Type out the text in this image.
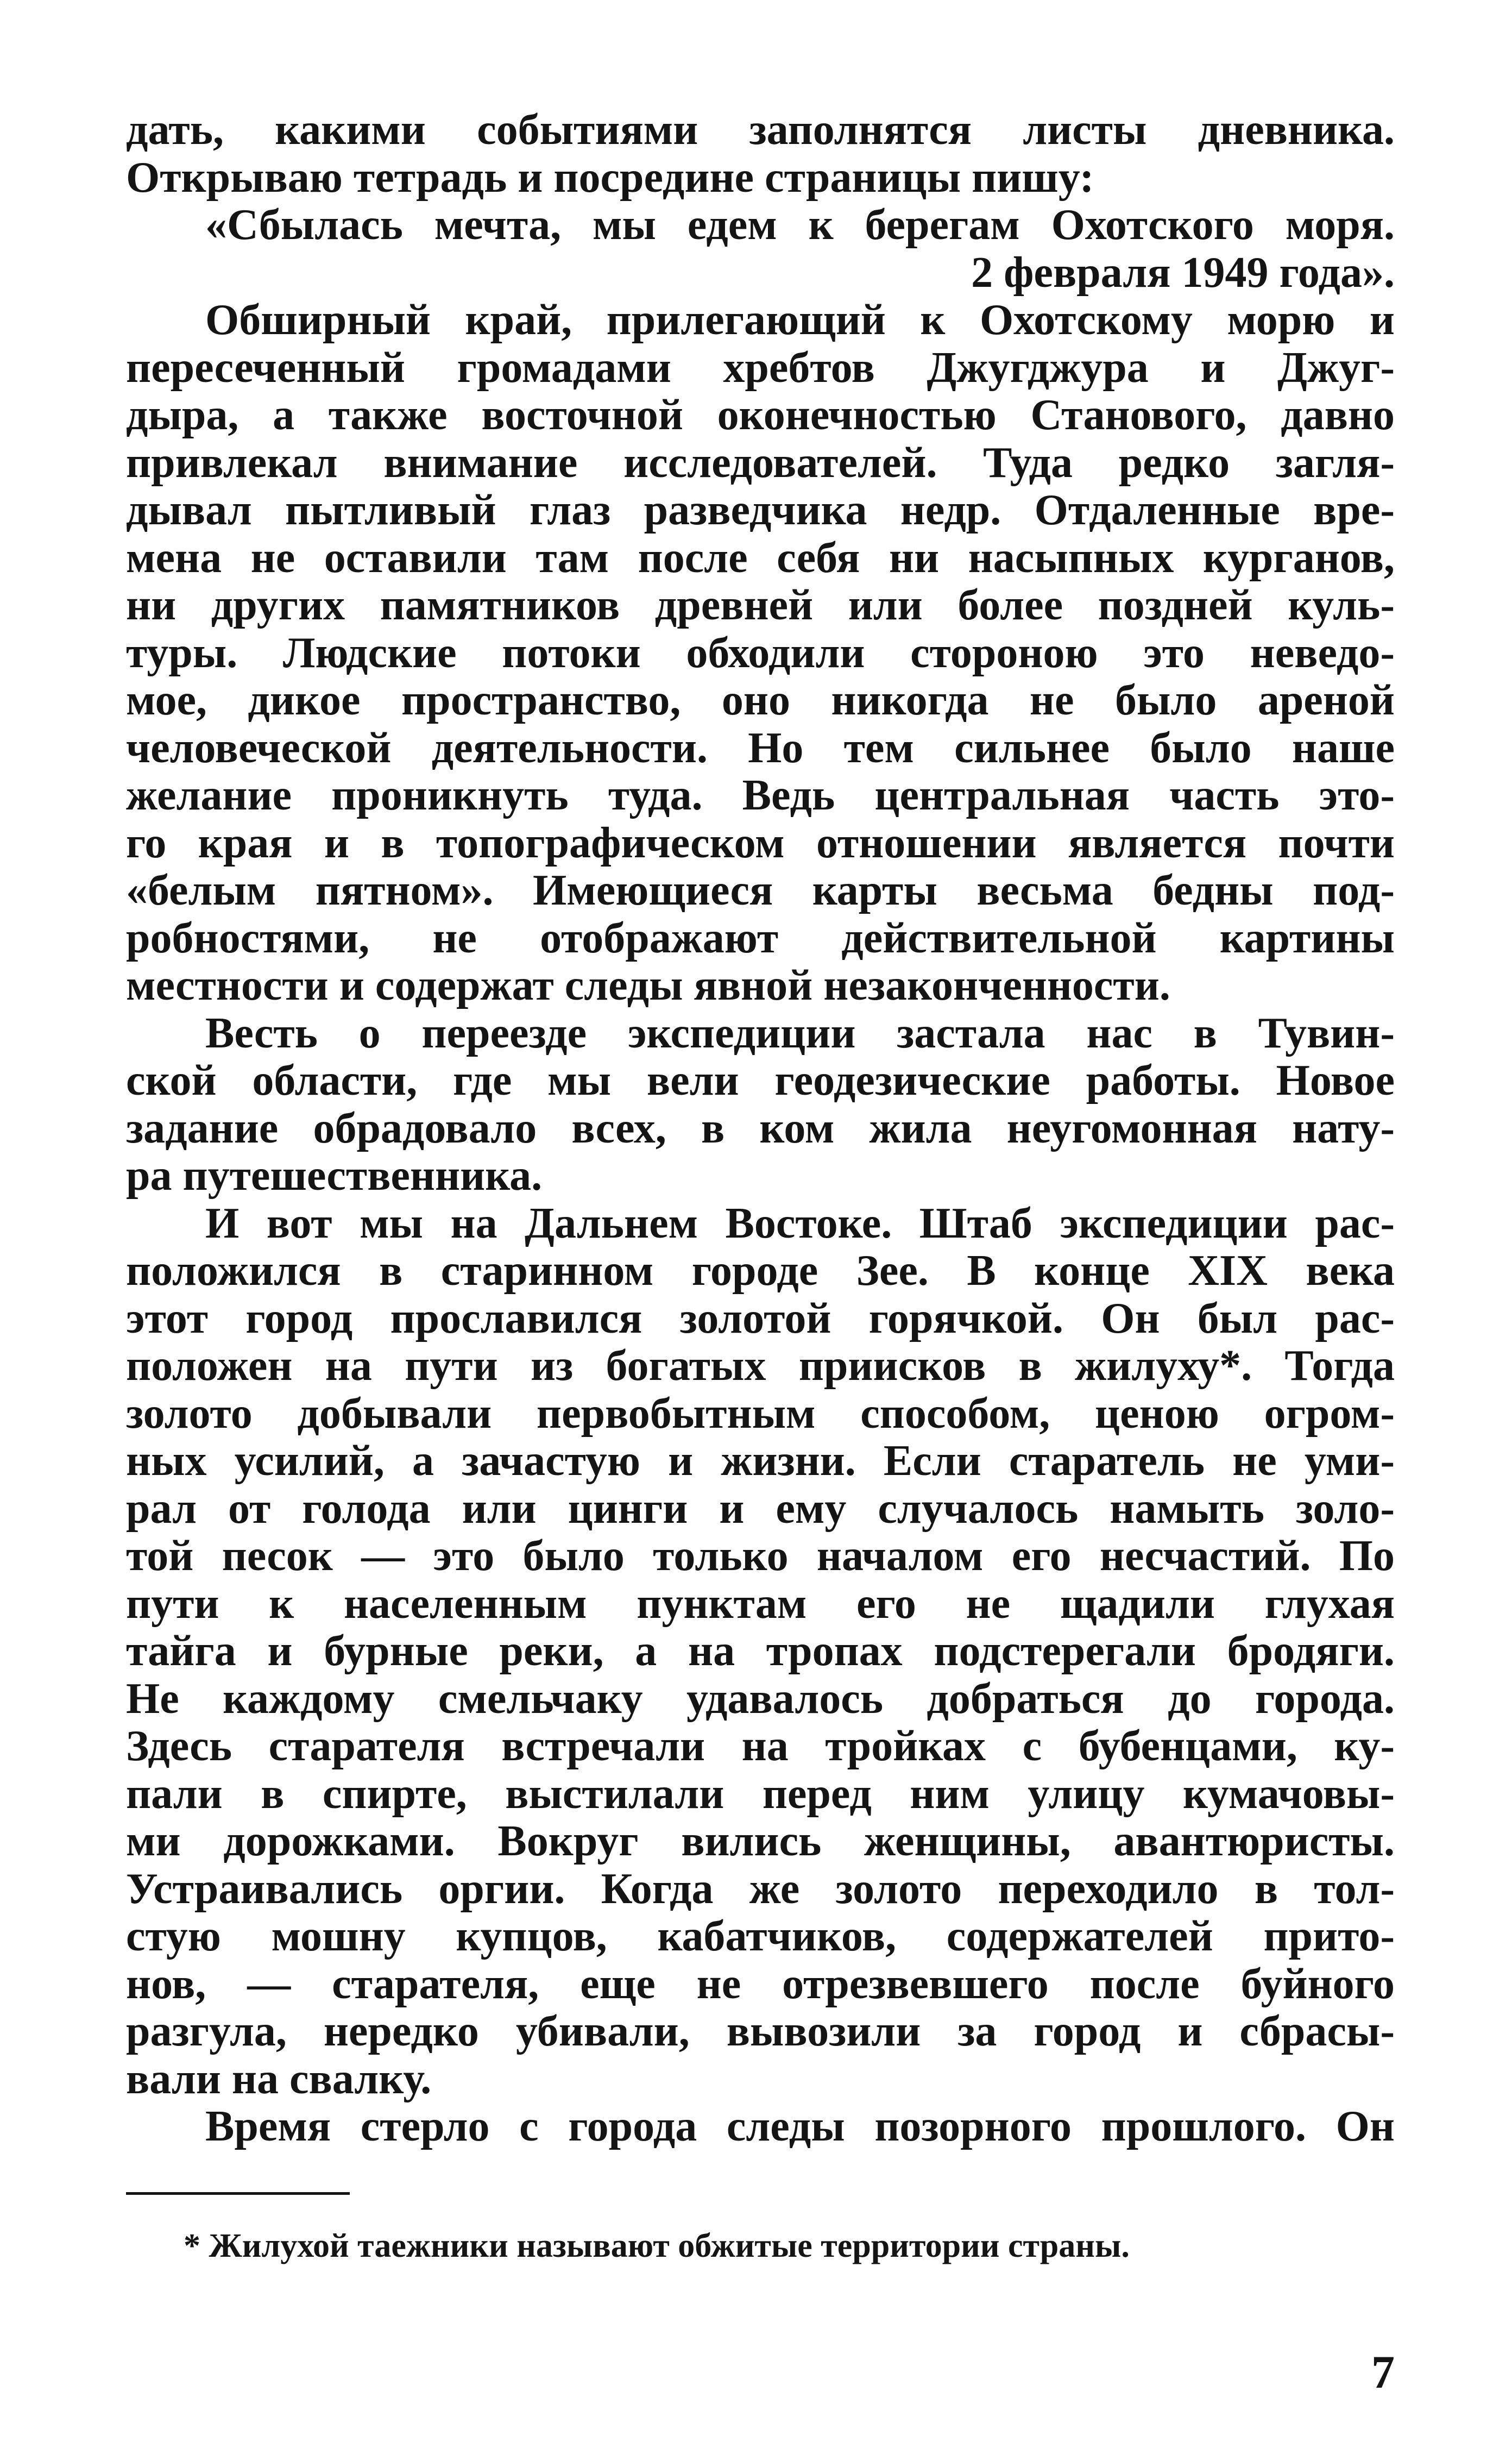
дать, какими событиями заполнятся листы дневника.
Открываю тетрадь и посредине страницы пишу:
«Сбылась мечта, мы едем к берегам Охотского моря.
2 февраля 1949 года».
Обширный край, прилегающий к Охотскому морю и
пересеченный громадами хребтов Джугджура и Джуг-
дыра, а также восточной оконечностью Станового, давно
привлекал внимание исследователей. Туда редко загля-
дывал пытливый глаз разведчика недр. Отдаленные вре-
мена не оставили там после себя ни насыпных курганов,
ни других памятников древней или более поздней куль-
туры. Людские потоки обходили стороною это неведо-
мое, дикое пространство, оно никогда не было ареной
человеческой деятельности. Но тем сильнее было наше
желание проникнуть туда. Ведь центральная часть это-
го края и в топографическом отношении является почти
«белым пятном». Имеющиеся карты весьма бедны под-
робностями, не отображают действительной картины
местности и содержат следы явной незаконченности.
Весть о переезде экспедиции застала нас в Тувин-
ской области, где мы вели геодезические работы. Новое
задание обрадовало всех, в ком жила неугомонная нату-
ра путешественника.
И вот мы на Дальнем Востоке. Штаб экспедиции рас-
положился в старинном городе Зее. В конце XIX века
этот город прославился золотой горячкой. Он был рас-
положен на пути из богатых приисков в жилуху*. Тогда
золото добывали первобытным способом, ценою огром-
ных усилий, а зачастую и жизни. Если старатель не уми-
рал от голода или цинги и ему случалось намыть золо-
той песок — это было только началом его несчастий. По
пути к населенным пунктам его не щадили глухая
тайга и бурные реки, а на тропах подстерегали бродяги.
Не каждому смельчаку удавалось добраться до города.
Здесь старателя встречали на тройках с бубенцами, ку-
пали в спирте, выстилали перед ним улицу кумачовы-
ми дорожками. Вокруг вились женщины, авантюристы.
Устраивались оргии. Когда же золото переходило в тол-
стую мошну купцов, кабатчиков, содержателей прито-
нов, — старателя, еще не отрезвевшего после буйного
разгула, нередко убивали, вывозили за город и сбрасы-
вали на свалку.
Время стерло с города следы позорного прошлого. Он
* Жилухой таежники называют обжитые территории страны.
7
